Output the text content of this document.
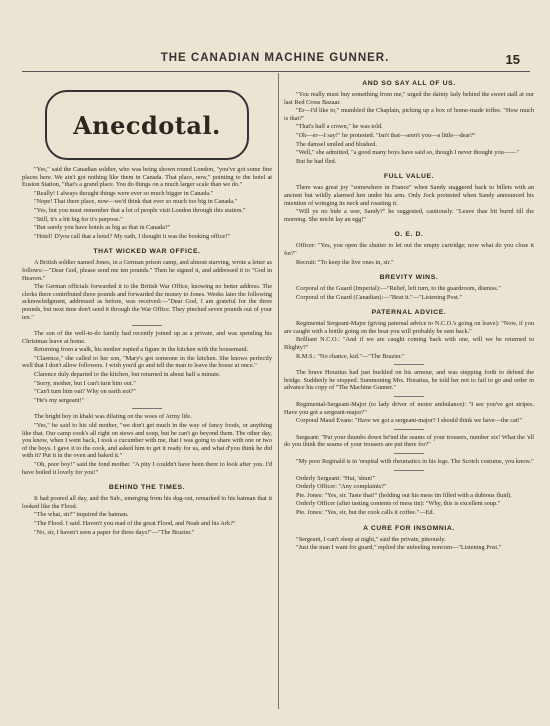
THE CANADIAN MACHINE GUNNER.	15
Anecdotal.

"Yes," said the Canadian soldier, who was being shown round London, "you've got some fine places here. We ain't got nothing like them in Canada. That place, now," pointing to the hotel at Euston Station, "that's a grand place. You do things on a much larger scale than we do."

"Really! I always thought things were ever so much bigger in Canada."

"Nope! That there place, now—we'd think that ever so much too big in Canada."

"Yes, but you must remember that a lot of people visit London through this station."

"Still, it's a bit big for it's purpose."

"But surely you have hotels as big as that in Canada?"

"Hotel! D'you call that a hotel? My oath, I thought it was the booking office!"

THAT WICKED WAR OFFICE.

A British soldier named Jones, in a German prison camp, and almost starving, wrote a letter as follows:—"Dear God, please send me ten pounds." Then he signed it, and addressed it to "God in Heaven."

The German officials forwarded it to the British War Office, knowing no better address. The clerks there contributed three pounds and forwarded the money to Jones. Weeks later the following acknowledgment, addressed as before, was received:—"Dear God, I am grateful for the three pounds, but next time don't send it through the War Office. They pinched seven pounds out of your ten."

The son of the well-to-do family had recently joined up as a private, and was spending his Christmas leave at home.

Returning from a walk, his mother espied a figure in the kitchen with the housemaid.

"Clarence," she called to her son, "Mary's got someone in the kitchen. She knows perfectly well that I don't allow followers. I wish you'd go and tell the man to leave the house at once."

Clarence duly departed to the kitchen, but returned in about half a minute.

"Sorry, mother, but I can't turn him out."

"Can't turn him out? Why on earth not?"

"He's my sergeant!"

The bright boy in khaki was dilating on the woes of Army life.

"Yes," he said to his old mother, "we don't get much in the way of fancy foods, or anything like that. Our camp cook's all right on stews and soup, but he can't go beyond them. The other day, you know, when I went back, I took a cucumber with me, that I was going to share with one or two of the boys. I gave it to the cook, and asked him to get it ready for us, and what d'you think he did with it? Put it in the oven and baked it."

"Oh, poor boy!" said the fond mother. "A pity I couldn't have been there to look after you. I'd have boiled it lovely for you!"

BEHIND THE TIMES.

It had poured all day, and the Sub., emerging from his dug-out, remarked to his batman that it looked like the Flood.

"The what, sir?" inquired the batman.

"The Flood. I said. Haven't you read of the great Flood, and Noah and his Ark?"

"No, sir, I haven't seen a paper for three days!"—"The Brazier."

AND SO SAY ALL OF US.

"You really must buy something from me," urged the dainty lady behind the sweet stall at our last Red Cross Bazaar.

"Er—I'd like to," mumbled the Chaplain, picking up a box of home-made toffee. "How much is that?"

"That's half a crown," he was told.

"Oh—er—I say!" he protested. "Isn't that—aren't you—a little—dear?"

The damsel smiled and blushed.

"Well," she admitted, "a good many boys have said so, though I never thought you——"

But he had fled.

FULL VALUE.

There was great joy "somewhere in France" when Sandy staggered back to billets with an ancient but wildly alarmed hen under his arm. Only Jock protested when Sandy announced his intention of wringing its neck and roasting it.

"Will ye no bide a wee, Sandy?" he suggested, cautiously. "Leave thae bit burrd till the morning. She micht lay an egg!"

O. E. D.

Officer: "Yes, you open the shutter to let out the empty cartridge; now what do you close it for?"

Recruit: "To keep the live ones in, sir."

BREVITY WINS.

Corporal of the Guard (Imperial):—"Relief, left turn, to the guardroom, dismiss."

Corporal of the Guard (Canadian):—"Beat it."—"Listening Post."

PATERNAL ADVICE.

Regimental Sergeant-Major (giving paternal advice to N.C.O.'s going on leave): "Now, if you are caught with a bottle going on the boat you will probably be sent back."

Brilliant N.C.O.: "And if we are caught coming back with one, will we be returned to Blighty?"

R.M.S.: "No chance, kid."—"The Brazier."

The brave Horatius had just buckled on his armour, and was stepping forth to defend the bridge. Suddenly he stopped. Summoning Mrs. Horatius, he told her not to fail to go and order in advance his copy of "The Machine Gunner."

Regimental-Sergeant-Major (to lady driver of motor ambulance): "I see you've got stripes. Have you got a sergeant-major?"

Corporal Maud Evans: "Have we got a sergeant-major? I should think we have—the cat!"

Sergeant: "Put your thumbs down be'ind the seams of your trousers, number six! What the 'ell do you think the seams of your trousers are put there for?"

"My poor Reginald is in 'orspital with rheumatics in his legs. The Scotch costume, you know."

Orderly Sergeant: "Hut, 'shun!"

Orderly Officer: "Any complaints?"

Pte. Jones: "Yes, sir. Taste that!" (holding out his mess tin filled with a dubious fluid).

Orderly Officer (after tasting contents of mess tin): "Why, this is excellent soup."

Pte. Jones: "Yes, sir, but the cook calls it coffee."—Ed.

A CURE FOR INSOMNIA.

"Sergeant, I can't sleep at night," said the private, piteously.

"Just the man I want for guard," replied the unfeeling noncom—"Listening Post."
